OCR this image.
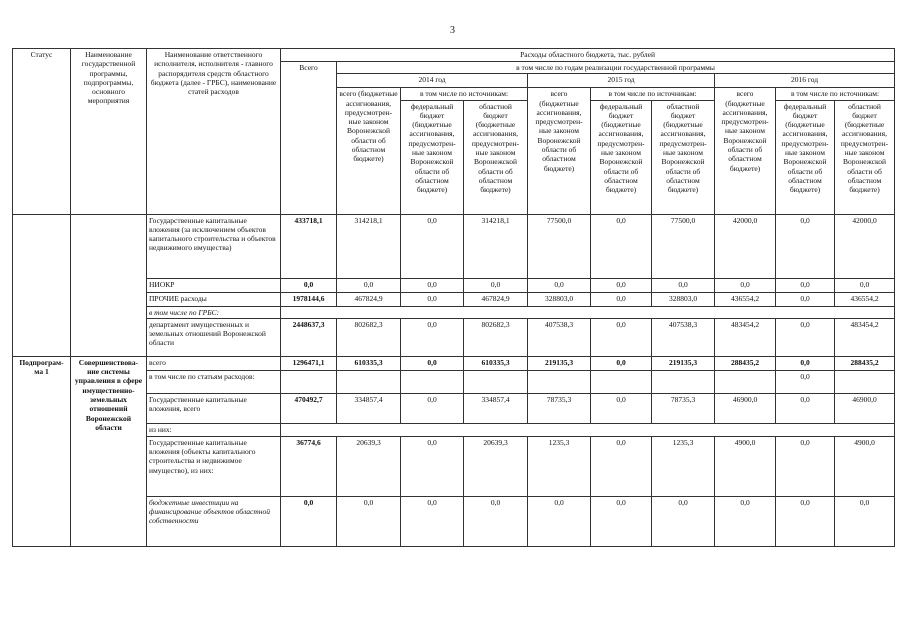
3
Статус	Наименование государственной программы, подпрограммы, основного мероприятия	Наименование ответственного исполнителя, исполнителя - главного распорядителя средств областного бюджета (далее - ГРБС), наименование статей расходов	Расходы областного бюджета, тыс. рублей									
			Всего	в том числе по годам реализации государственной программы								
				2014 год			2015 год			2016 год		
				всего (бюджетные ассигнования, предусмотрен-ные законом Воронежской области об областном бюджете)	в том числе по источникам:		всего (бюджетные ассигнования, предусмотрен-ные законом Воронежской области об областном бюджете)	в том числе по источникам:		всего (бюджетные ассигнования, предусмотрен-ные законом Воронежской области об областном бюджете)	в том числе по источникам:	
					федеральный бюджет (бюджетные ассигнования, предусмотрен-ные законом Воронежской области об областном бюджете)	областной бюджет (бюджетные ассигнования, предусмотрен-ные законом Воронежской области об областном бюджете)		федеральный бюджет (бюджетные ассигнования, предусмотрен-ные законом Воронежской области об областном бюджете)	областной бюджет (бюджетные ассигнования, предусмотрен-ные законом Воронежской области об областном бюджете)		федеральный бюджет (бюджетные ассигнования, предусмотрен-ные законом Воронежской области об областном бюджете)	областной бюджет (бюджетные ассигнования, предусмотрен-ные законом Воронежской области об областном бюджете)
		Государственные капитальные вложения (за исключением объектов капитального строительства и объектов недвижимого имущества)	433718,1	314218,1	0,0	314218,1	77500,0	0,0	77500,0	42000,0	0,0	42000,0
		НИОКР	0,0	0,0	0,0	0,0	0,0	0,0	0,0	0,0	0,0	0,0
		ПРОЧИЕ расходы	1978144,6	467824,9	0,0	467824,9	328803,0	0,0	328803,0	436554,2	0,0	436554,2
		в том числе по ГРБС:										
		департамент имущественных и земельных отношений Воронежской области	2448637,3	802682,3	0,0	802682,3	407538,3	0,0	407538,3	483454,2	0,0	483454,2
Подпрограм-ма 1	Совершенствова-ние системы управления в сфере имущественно-земельных отношений Воронежской области	всего	1296471,1	610335,3	0,0	610335,3	219135,3	0,0	219135,3	288435,2	0,0	288435,2
		в том числе по статьям расходов:									0,0	
		Государственные капитальные вложения, всего	470492,7	334857,4	0,0	334857,4	78735,3	0,0	78735,3	46900,0	0,0	46900,0
		из них:										
		Государственные капитальные вложения (объекты капитального строительства и недвижимое имущество), из них:	36774,6	20639,3	0,0	20639,3	1235,3	0,0	1235,3	4900,0	0,0	4900,0
		бюджетные инвестиции на финансирование объектов областной собственности	0,0	0,0	0,0	0,0	0,0	0,0	0,0	0,0	0,0	0,0
